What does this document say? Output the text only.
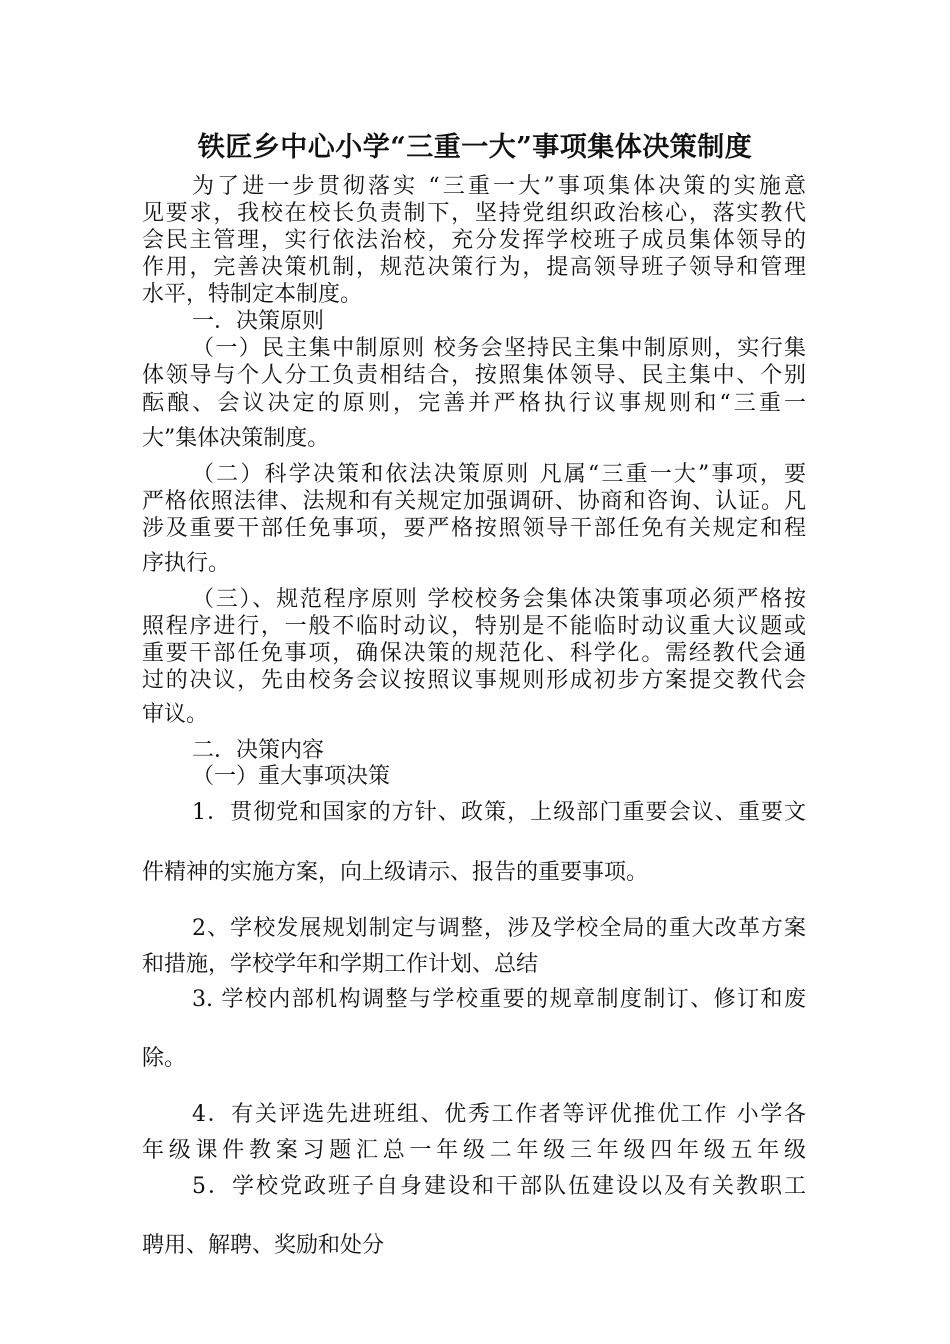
铁匠乡中心小学“三重一大”事项集体决策制度
为了进一步贯彻落实 “三重一大”事项集体决策的实施意
见要求，我校在校长负责制下，坚持党组织政治核心，落实教代
会民主管理，实行依法治校，充分发挥学校班子成员集体领导的
作用，完善决策机制，规范决策行为，提高领导班子领导和管理
水平，特制定本制度。
一．决策原则
（一）民主集中制原则 校务会坚持民主集中制原则，实行集
体领导与个人分工负责相结合，按照集体领导、民主集中、个别
酝酿、会议决定的原则，完善并严格执行议事规则和“三重一
大”集体决策制度。
（二）科学决策和依法决策原则 凡属“三重一大”事项，要
严格依照法律、法规和有关规定加强调研、协商和咨询、认证。凡
涉及重要干部任免事项，要严格按照领导干部任免有关规定和程
序执行。
（三）、规范程序原则 学校校务会集体决策事项必须严格按
照程序进行，一般不临时动议，特别是不能临时动议重大议题或
重要干部任免事项，确保决策的规范化、科学化。需经教代会通
过的决议，先由校务会议按照议事规则形成初步方案提交教代会
审议。
二．决策内容
（一）重大事项决策
1．贯彻党和国家的方针、政策，上级部门重要会议、重要文
件精神的实施方案，向上级请示、报告的重要事项。
2、学校发展规划制定与调整，涉及学校全局的重大改革方案
和措施，学校学年和学期工作计划、总结
3. 学校内部机构调整与学校重要的规章制度制订、修订和废
除。
4．有关评选先进班组、优秀工作者等评优推优工作 小学各
年级课件教案习题汇总一年级二年级三年级四年级五年级
5．学校党政班子自身建设和干部队伍建设以及有关教职工
聘用、解聘、奖励和处分
